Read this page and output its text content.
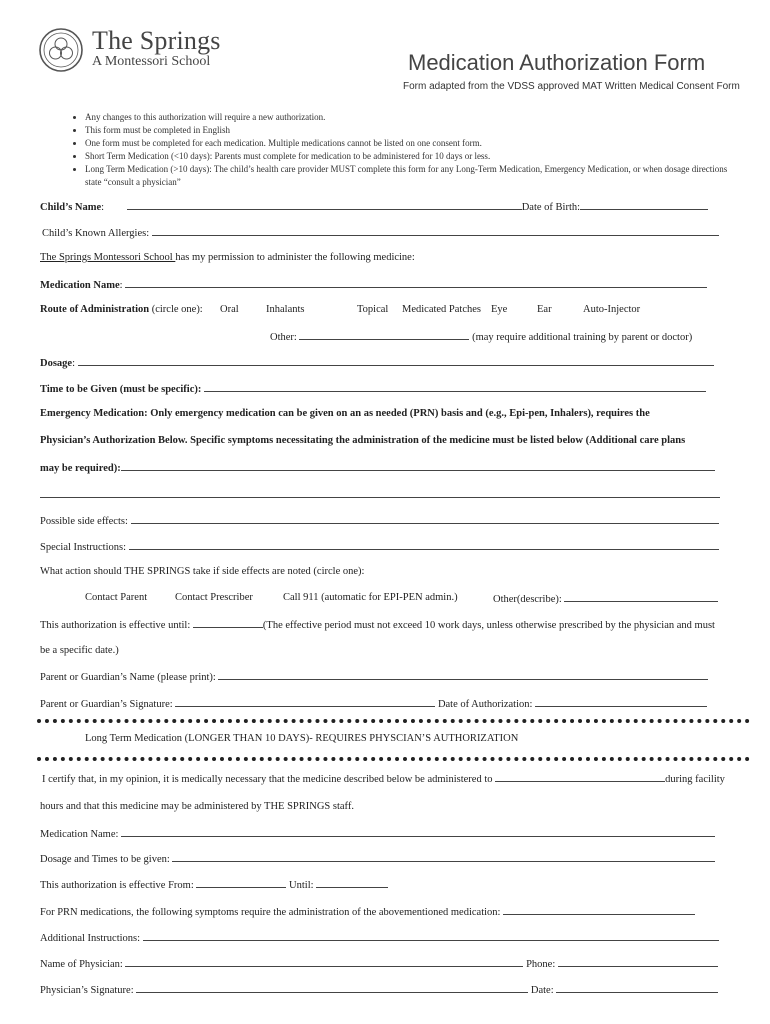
The Springs
A Montessori School	Medication Authorization Form
Form adapted from the VDSS approved MAT Written Medical Consent Form
• Any changes to this authorization will require a new authorization.
• This form must be completed in English
• One form must be completed for each medication. Multiple medications cannot be listed on one consent form.
• Short Term Medication (<10 days): Parents must complete for medication to be administered for 10 days or less.
• Long Term Medication (>10 days): The child’s health care provider MUST complete this form for any Long-Term Medication, Emergency Medication, or when dosage directions state “consult a physician”
Child’s Name:	Date of Birth:
Child’s Known Allergies:
The Springs Montessori School has my permission to administer the following medicine:
Medication Name:
Route of Administration (circle one): Oral	Inhalants	Topical Medicated Patches Eye	Ear	Auto-Injector
Other:	(may require additional training by parent or doctor)
Dosage:
Time to be Given (must be specific):
Emergency Medication: Only emergency medication can be given on an as needed (PRN) basis and (e.g., Epi-pen, Inhalers), requires the
Physician’s Authorization Below. Specific symptoms necessitating the administration of the medicine must be listed below (Additional care plans
may be required):
Possible side effects:
Special Instructions:
What action should THE SPRINGS take if side effects are noted (circle one):
Contact Parent	Contact Prescriber	Call 911 (automatic for EPI-PEN admin.)	Other(describe):
This authorization is effective until:	(The effective period must not exceed 10 work days, unless otherwise prescribed by the physician and must
be a specific date.)
Parent or Guardian’s Name (please print):
Parent or Guardian’s Signature:	Date of Authorization:
Long Term Medication (LONGER THAN 10 DAYS)- REQUIRES PHYSCIAN’S AUTHORIZATION
I certify that, in my opinion, it is medically necessary that the medicine described below be administered to	during facility
hours and that this medicine may be administered by THE SPRINGS staff.
Medication Name:
Dosage and Times to be given:
This authorization is effective From:	Until:
For PRN medications, the following symptoms require the administration of the abovementioned medication:
Additional Instructions:
Name of Physician:	Phone:
Physician’s Signature:	Date:
